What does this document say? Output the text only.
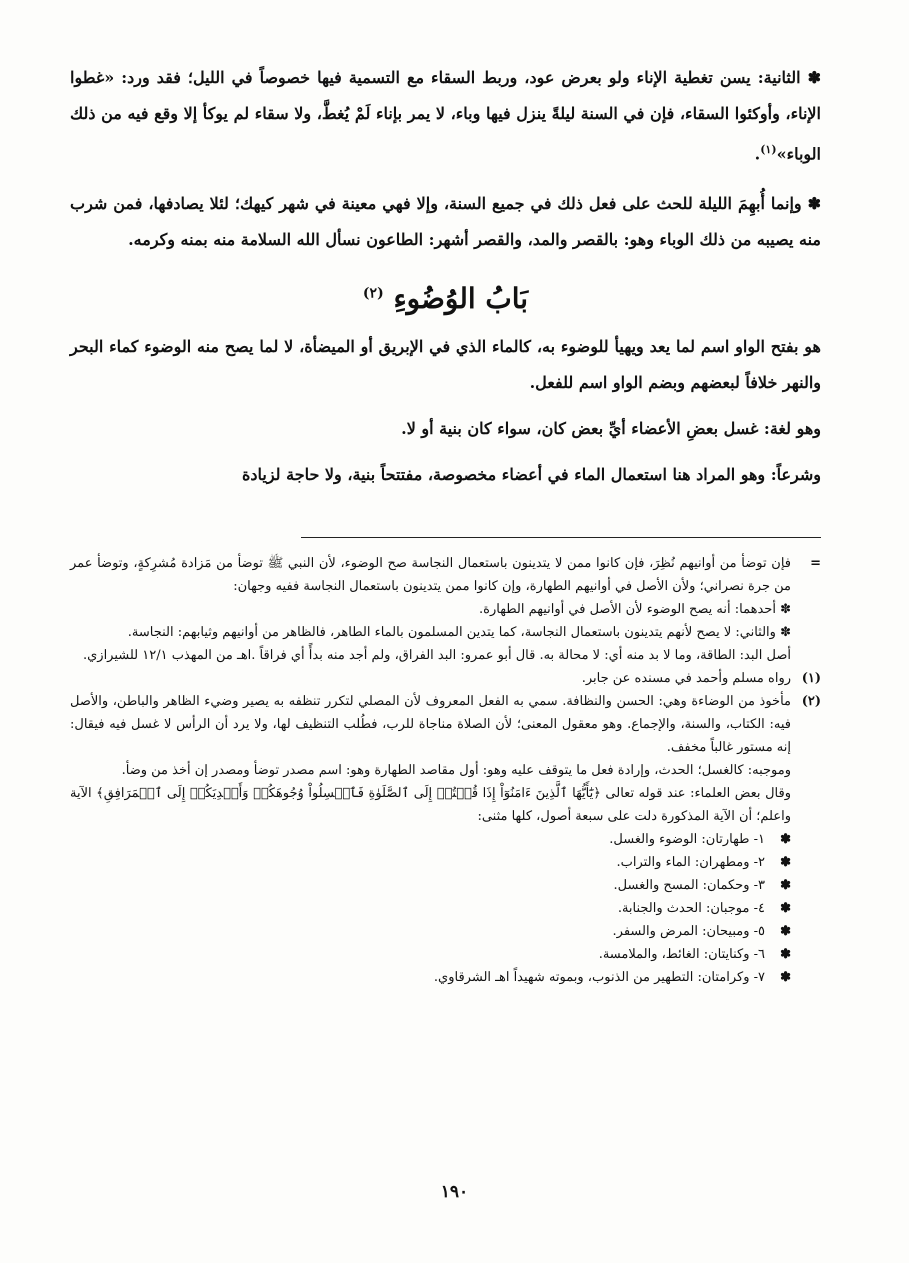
✽ الثانية: يسن تغطية الإناء ولو بعرض عود، وربط السقاء مع التسمية فيها خصوصاً في الليل؛ فقد ورد: «غطوا الإناء، وأوكئوا السقاء، فإن في السنة ليلةً ينزل فيها وباء، لا يمر بإناء لَمْ يُغطَّ، ولا سقاء لم يوكأ إلا وقع فيه من ذلك الوباء»$^{(١)}$.

✽ وإنما أُبهِمَ الليلة للحث على فعل ذلك في جميع السنة، وإلا فهي معينة في شهر كيهك؛ لئلا يصادفها، فمن شرب منه يصيبه من ذلك الوباء وهو: بالقصر والمد، والقصر أشهر: الطاعون نسأل الله السلامة منه بمنه وكرمه.

بَابُ الوُضُوءِ $^{(٢)}$

هو بفتح الواو اسم لما يعد ويهيأ للوضوء به، كالماء الذي في الإبريق أو الميضأة، لا لما يصح منه الوضوء كماء البحر والنهر خلافاً لبعضهم وبضم الواو اسم للفعل.

وهو لغة: غسل بعضِ الأعضاء أيِّ بعض كان، سواء كان بنية أو لا.

وشرعاً: وهو المراد هنا استعمال الماء في أعضاء مخصوصة، مفتتحاً بنية، ولا حاجة لزيادة

=
فإن توضأ من أوانيهم نُظِرَ، فإن كانوا ممن لا يتدينون باستعمال النجاسة صح الوضوء، لأن النبي ﷺ توضأ من مَزادة مُشرِكةٍ، وتوضأ عمر من جرة نصراني؛ ولأن الأصل في أوانيهم الطهارة، وإن كانوا ممن يتدينون باستعمال النجاسة ففيه وجهان:
✽ أحدهما: أنه يصح الوضوء لأن الأصل في أوانيهم الطهارة.
✽ والثاني: لا يصح لأنهم يتدينون باستعمال النجاسة، كما يتدين المسلمون بالماء الطاهر، فالظاهر من أوانيهم وثيابهم: النجاسة.
أصل البد: الطاقة، وما لا بد منه أي: لا محالة به. قال أبو عمرو: البد الفراق، ولم أجد منه بدأً أي فراقاً .اهـ من المهذب ١٢/١ للشيرازي.
(١)
رواه مسلم وأحمد في مسنده عن جابر.
(٢)
مأخوذ من الوضاءة وهي: الحسن والنظافة. سمي به الفعل المعروف لأن المصلي لتكرر تنظفه به يصير وضيء الظاهر والباطن، والأصل فيه: الكتاب، والسنة، والإجماع. وهو معقول المعنى؛ لأن الصلاة مناجاة للرب، فطُلب التنظيف لها، ولا يرد أن الرأس لا غسل فيه فيقال: إنه مستور غالباً مخفف.
وموجبه: كالغسل؛ الحدث، وإرادة فعل ما يتوقف عليه وهو: أول مقاصد الطهارة وهو: اسم مصدر توضأ ومصدر إن أخذ من وضأ.
وقال بعض العلماء: عند قوله تعالى ﴿يَٰٓأَيُّهَا ٱلَّذِينَ ءَامَنُوٓاْ إِذَا قُمۡتُمۡ إِلَى ٱلصَّلَوٰةِ فَٱغۡسِلُواْ وُجُوهَكُمۡ وَأَيۡدِيَكُمۡ إِلَى ٱلۡمَرَافِقِ﴾ الآية واعلم؛ أن الآية المذكورة دلت على سبعة أصول، كلها مثنى:
✽
١- طهارتان: الوضوء والغسل.
✽
٢- ومطهران: الماء والتراب.
✽
٣- وحكمان: المسح والغسل.
✽
٤- موجبان: الحدث والجنابة.
✽
٥- ومبيحان: المرض والسفر.
✽
٦- وكنايتان: الغائط، والملامسة.
✽
٧- وكرامتان: التطهير من الذنوب، وبموته شهيداً اهـ الشرقاوي.
١٩٠
